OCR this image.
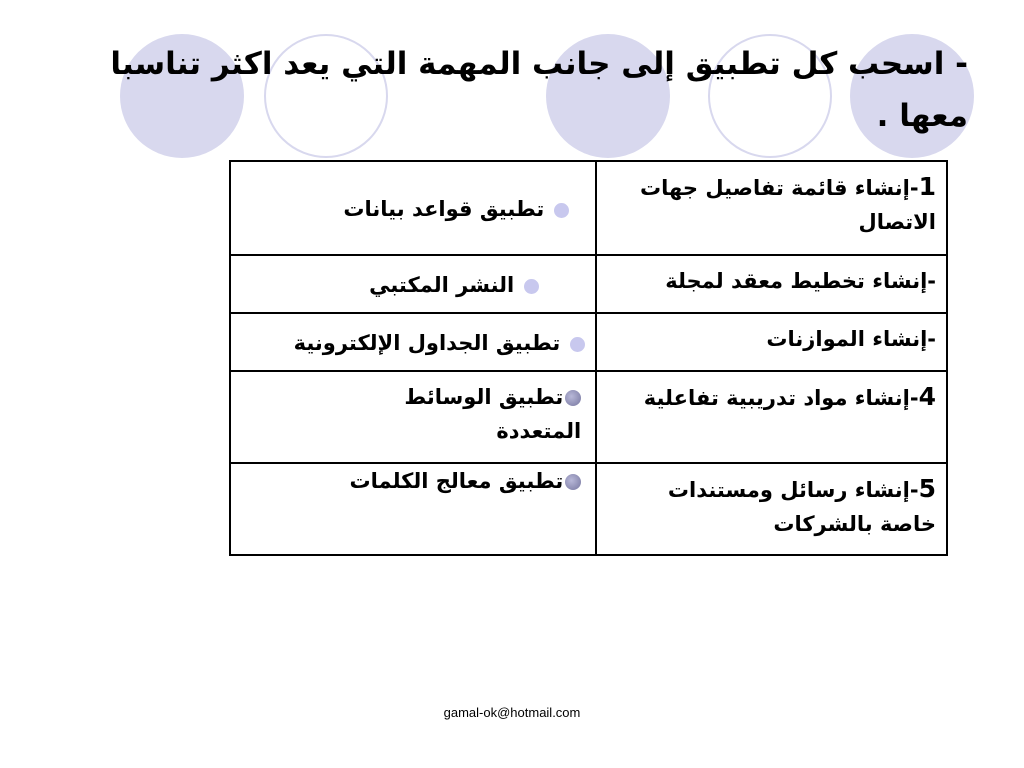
- اسحب كل تطبيق إلى جانب المهمة التي يعد اكثر تناسبا معها .
1-إنشاء قائمة تفاصيل جهات الاتصال	تطبيق قواعد بيانات

-إنشاء تخطيط معقد لمجلة	النشر المكتبي

-إنشاء الموازنات	تطبيق الجداول الإلكترونية

4-إنشاء مواد تدريبية تفاعلية	تطبيق الوسائط المتعددة

5-إنشاء رسائل ومستندات خاصة بالشركات	تطبيق معالج الكلمات
gamal-ok@hotmail.com
